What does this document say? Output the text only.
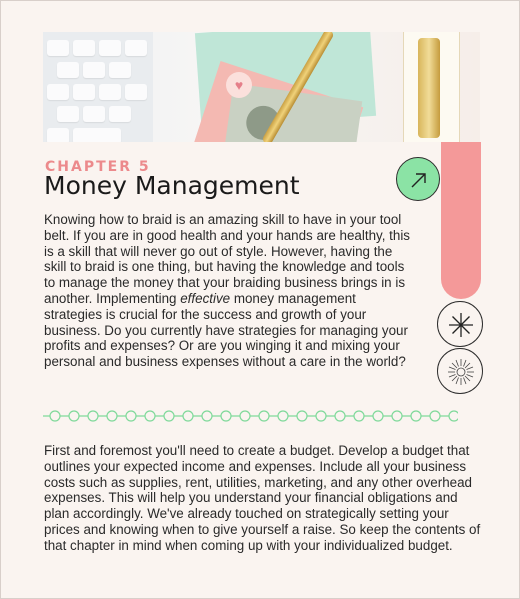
♥

CHAPTER 5

Money Management

Knowing how to braid is an amazing skill to have in your tool belt. If you are in good health and your hands are healthy, this is a skill that will never go out of style. However, having the skill to braid is one thing, but having the knowledge and tools to manage the money that your braiding business brings in is another. Implementing effective money management strategies is crucial for the success and growth of your business. Do you currently have strategies for managing your profits and expenses? Or are you winging it and mixing your personal and business expenses without a care in the world?

First and foremost you'll need to create a budget. Develop a budget that outlines your expected income and expenses. Include all your business costs such as supplies, rent, utilities, marketing, and any other overhead expenses. This will help you understand your financial obligations and plan accordingly. We've already touched on strategically setting your prices and knowing when to give yourself a raise. So keep the contents of that chapter in mind when coming up with your individualized budget.
